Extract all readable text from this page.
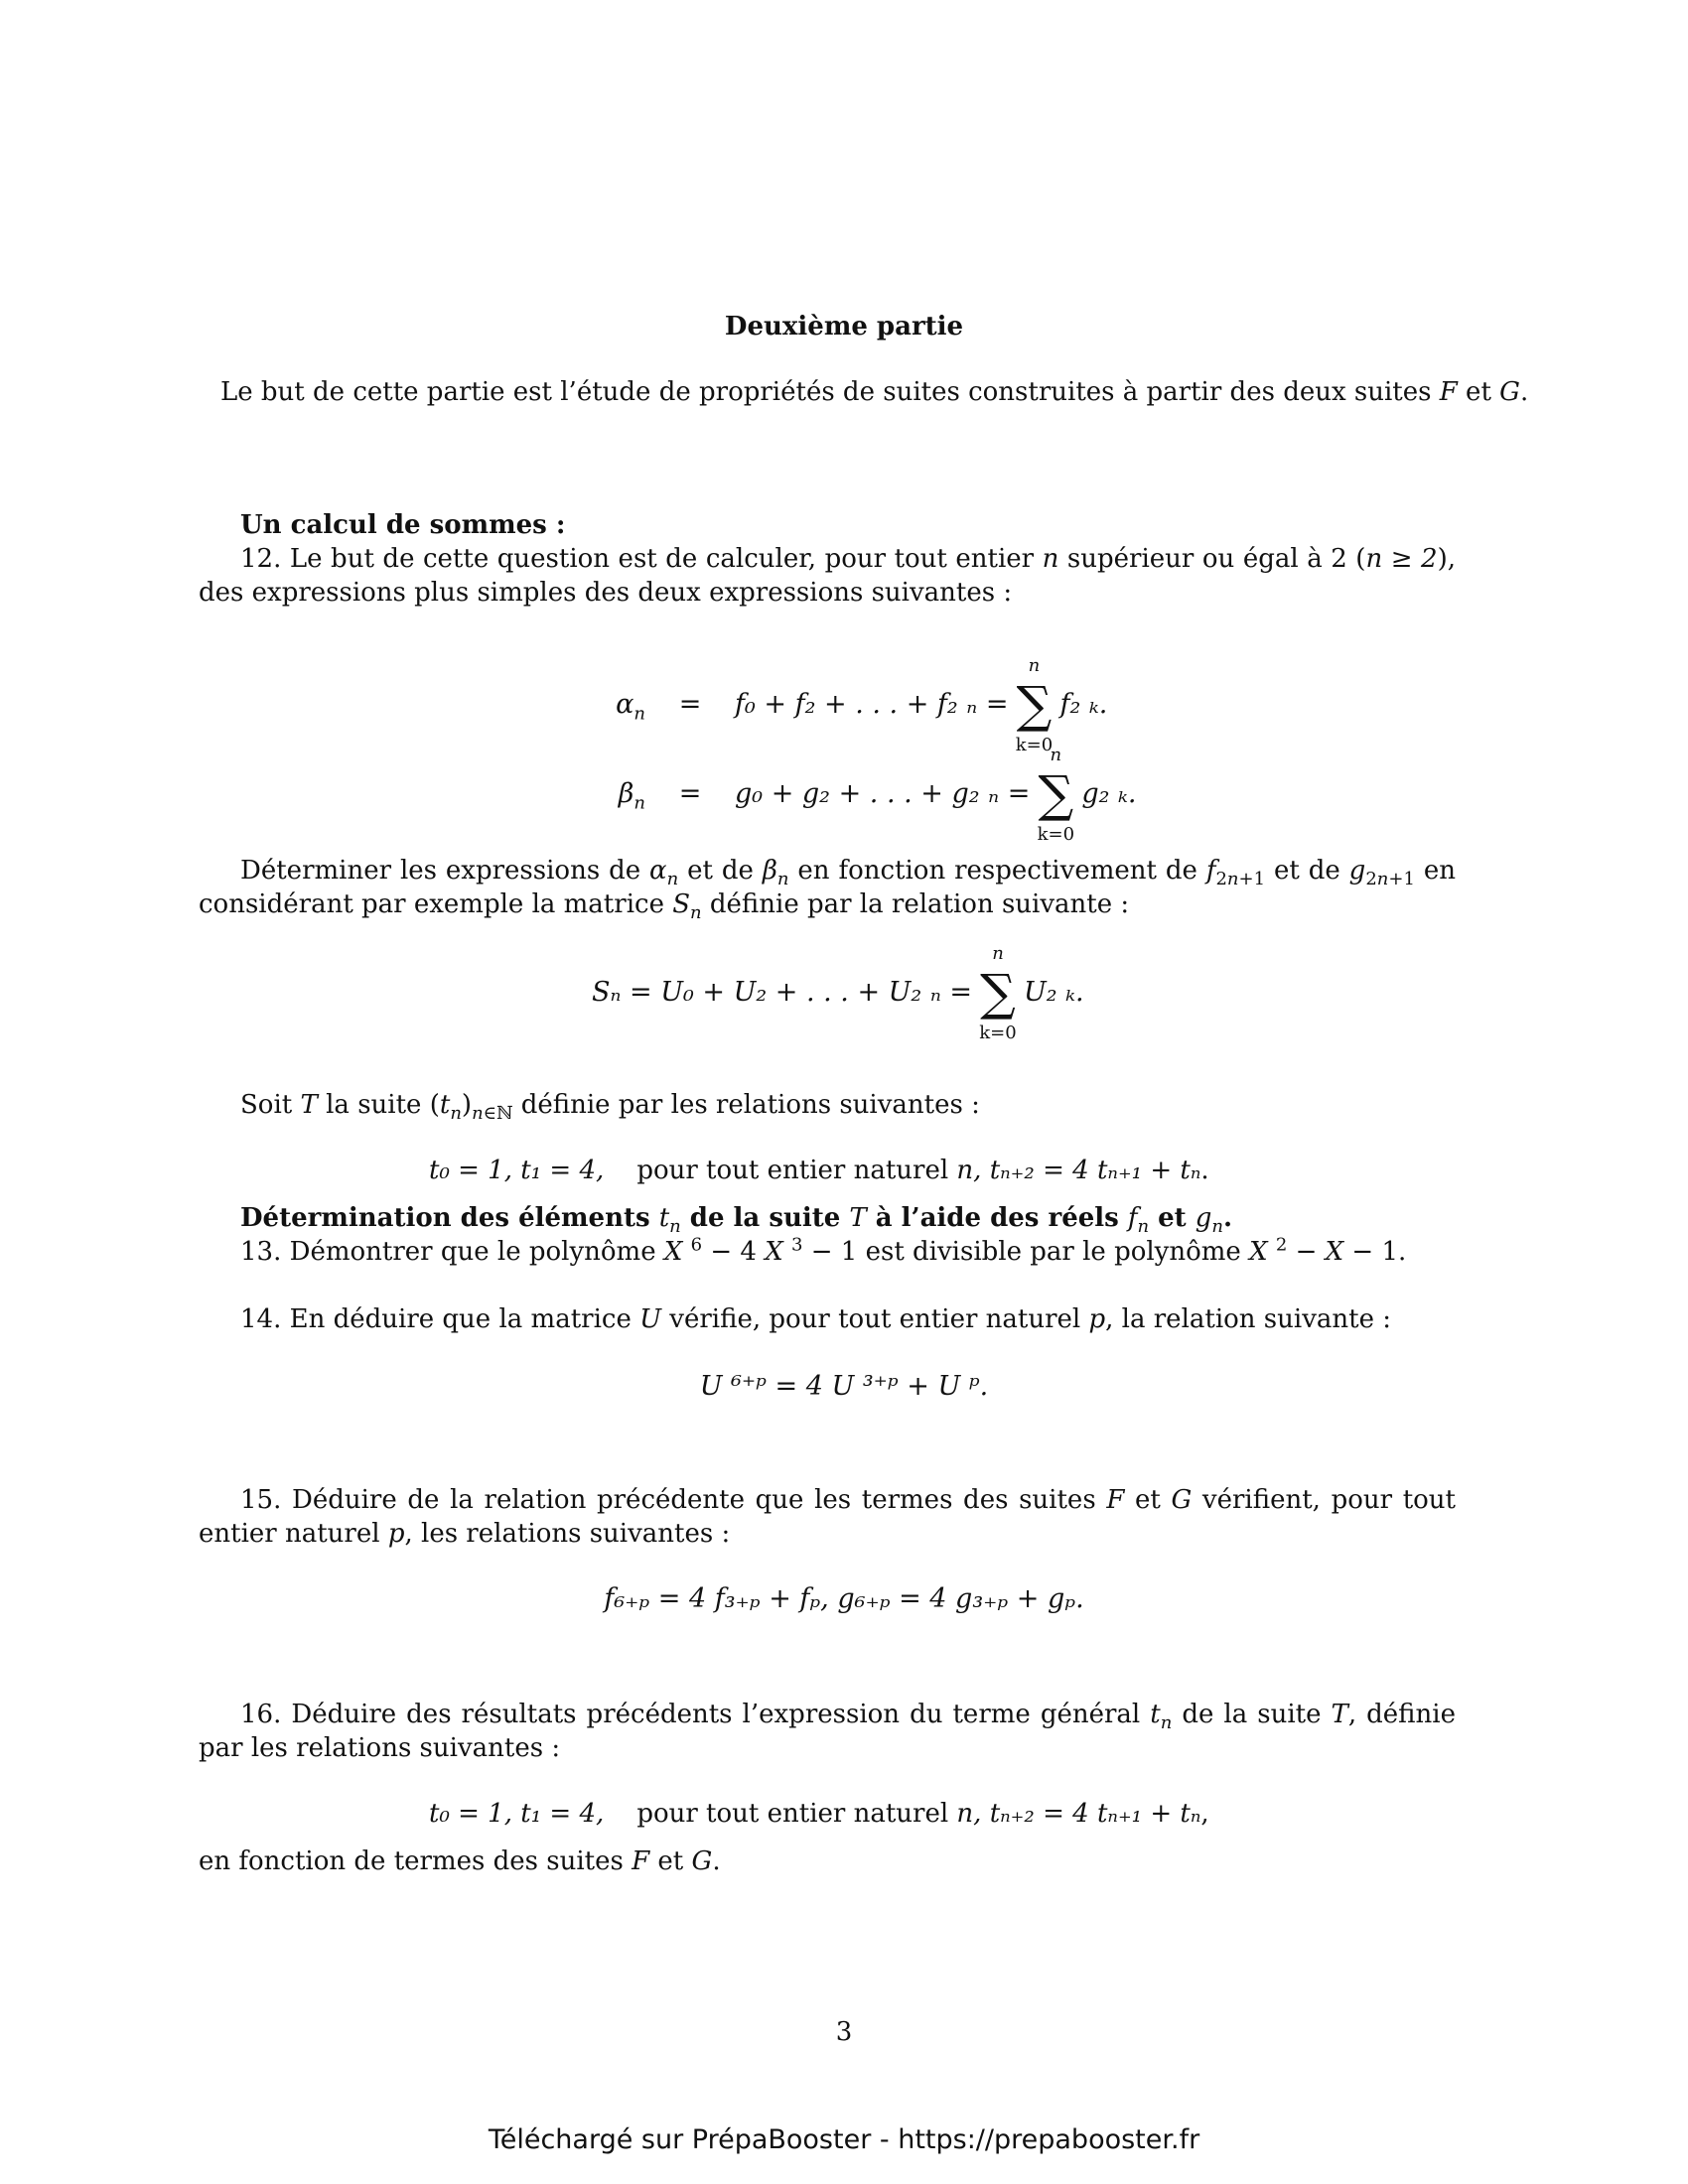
Deuxième partie
Le but de cette partie est l’étude de propriétés de suites construites à partir des deux suites F et G.
Un calcul de sommes :
12. Le but de cette question est de calculer, pour tout entier n supérieur ou égal à 2 (n ≥ 2), des expressions plus simples des deux expressions suivantes :
$\alpha_n$	=	f₀ + f₂ + . . . + f₂ ₙ =
n
∑
k=0
f₂ ₖ.
$\beta_n$	=	g₀ + g₂ + . . . + g₂ ₙ =
n
∑
k=0
g₂ ₖ.
Déterminer les expressions de $\alpha_n$ et de $\beta_n$ en fonction respectivement de $f_{2n+1}$ et de $g_{2n+1}$ en considérant par exemple la matrice $S_n$ définie par la relation suivante :
Sₙ = U₀ + U₂ + . . . + U₂ ₙ =
n
∑
k=0
U₂ ₖ.
Soit T la suite $(t_n)_{n\in ℕ}$ définie par les relations suivantes :
t₀ = 1, t₁ = 4, pour tout entier naturel n, tₙ₊₂ = 4 tₙ₊₁ + tₙ.
Détermination des éléments $t_n$ de la suite T à l’aide des réels $f_n$ et $g_n$.
13. Démontrer que le polynôme X $^6$ − 4 X $^3$ − 1 est divisible par le polynôme X $^2$ − X − 1.
14. En déduire que la matrice U vérifie, pour tout entier naturel p, la relation suivante :
U ⁶⁺ᵖ = 4 U ³⁺ᵖ + U ᵖ.
15. Déduire de la relation précédente que les termes des suites F et G vérifient, pour tout entier naturel p, les relations suivantes :
f₆₊ₚ = 4 f₃₊ₚ + fₚ, g₆₊ₚ = 4 g₃₊ₚ + gₚ.
16. Déduire des résultats précédents l’expression du terme général $t_n$ de la suite T, définie par les relations suivantes :
t₀ = 1, t₁ = 4, pour tout entier naturel n, tₙ₊₂ = 4 tₙ₊₁ + tₙ,
en fonction de termes des suites F et G.
3
Téléchargé sur PrépaBooster - https://prepabooster.fr
